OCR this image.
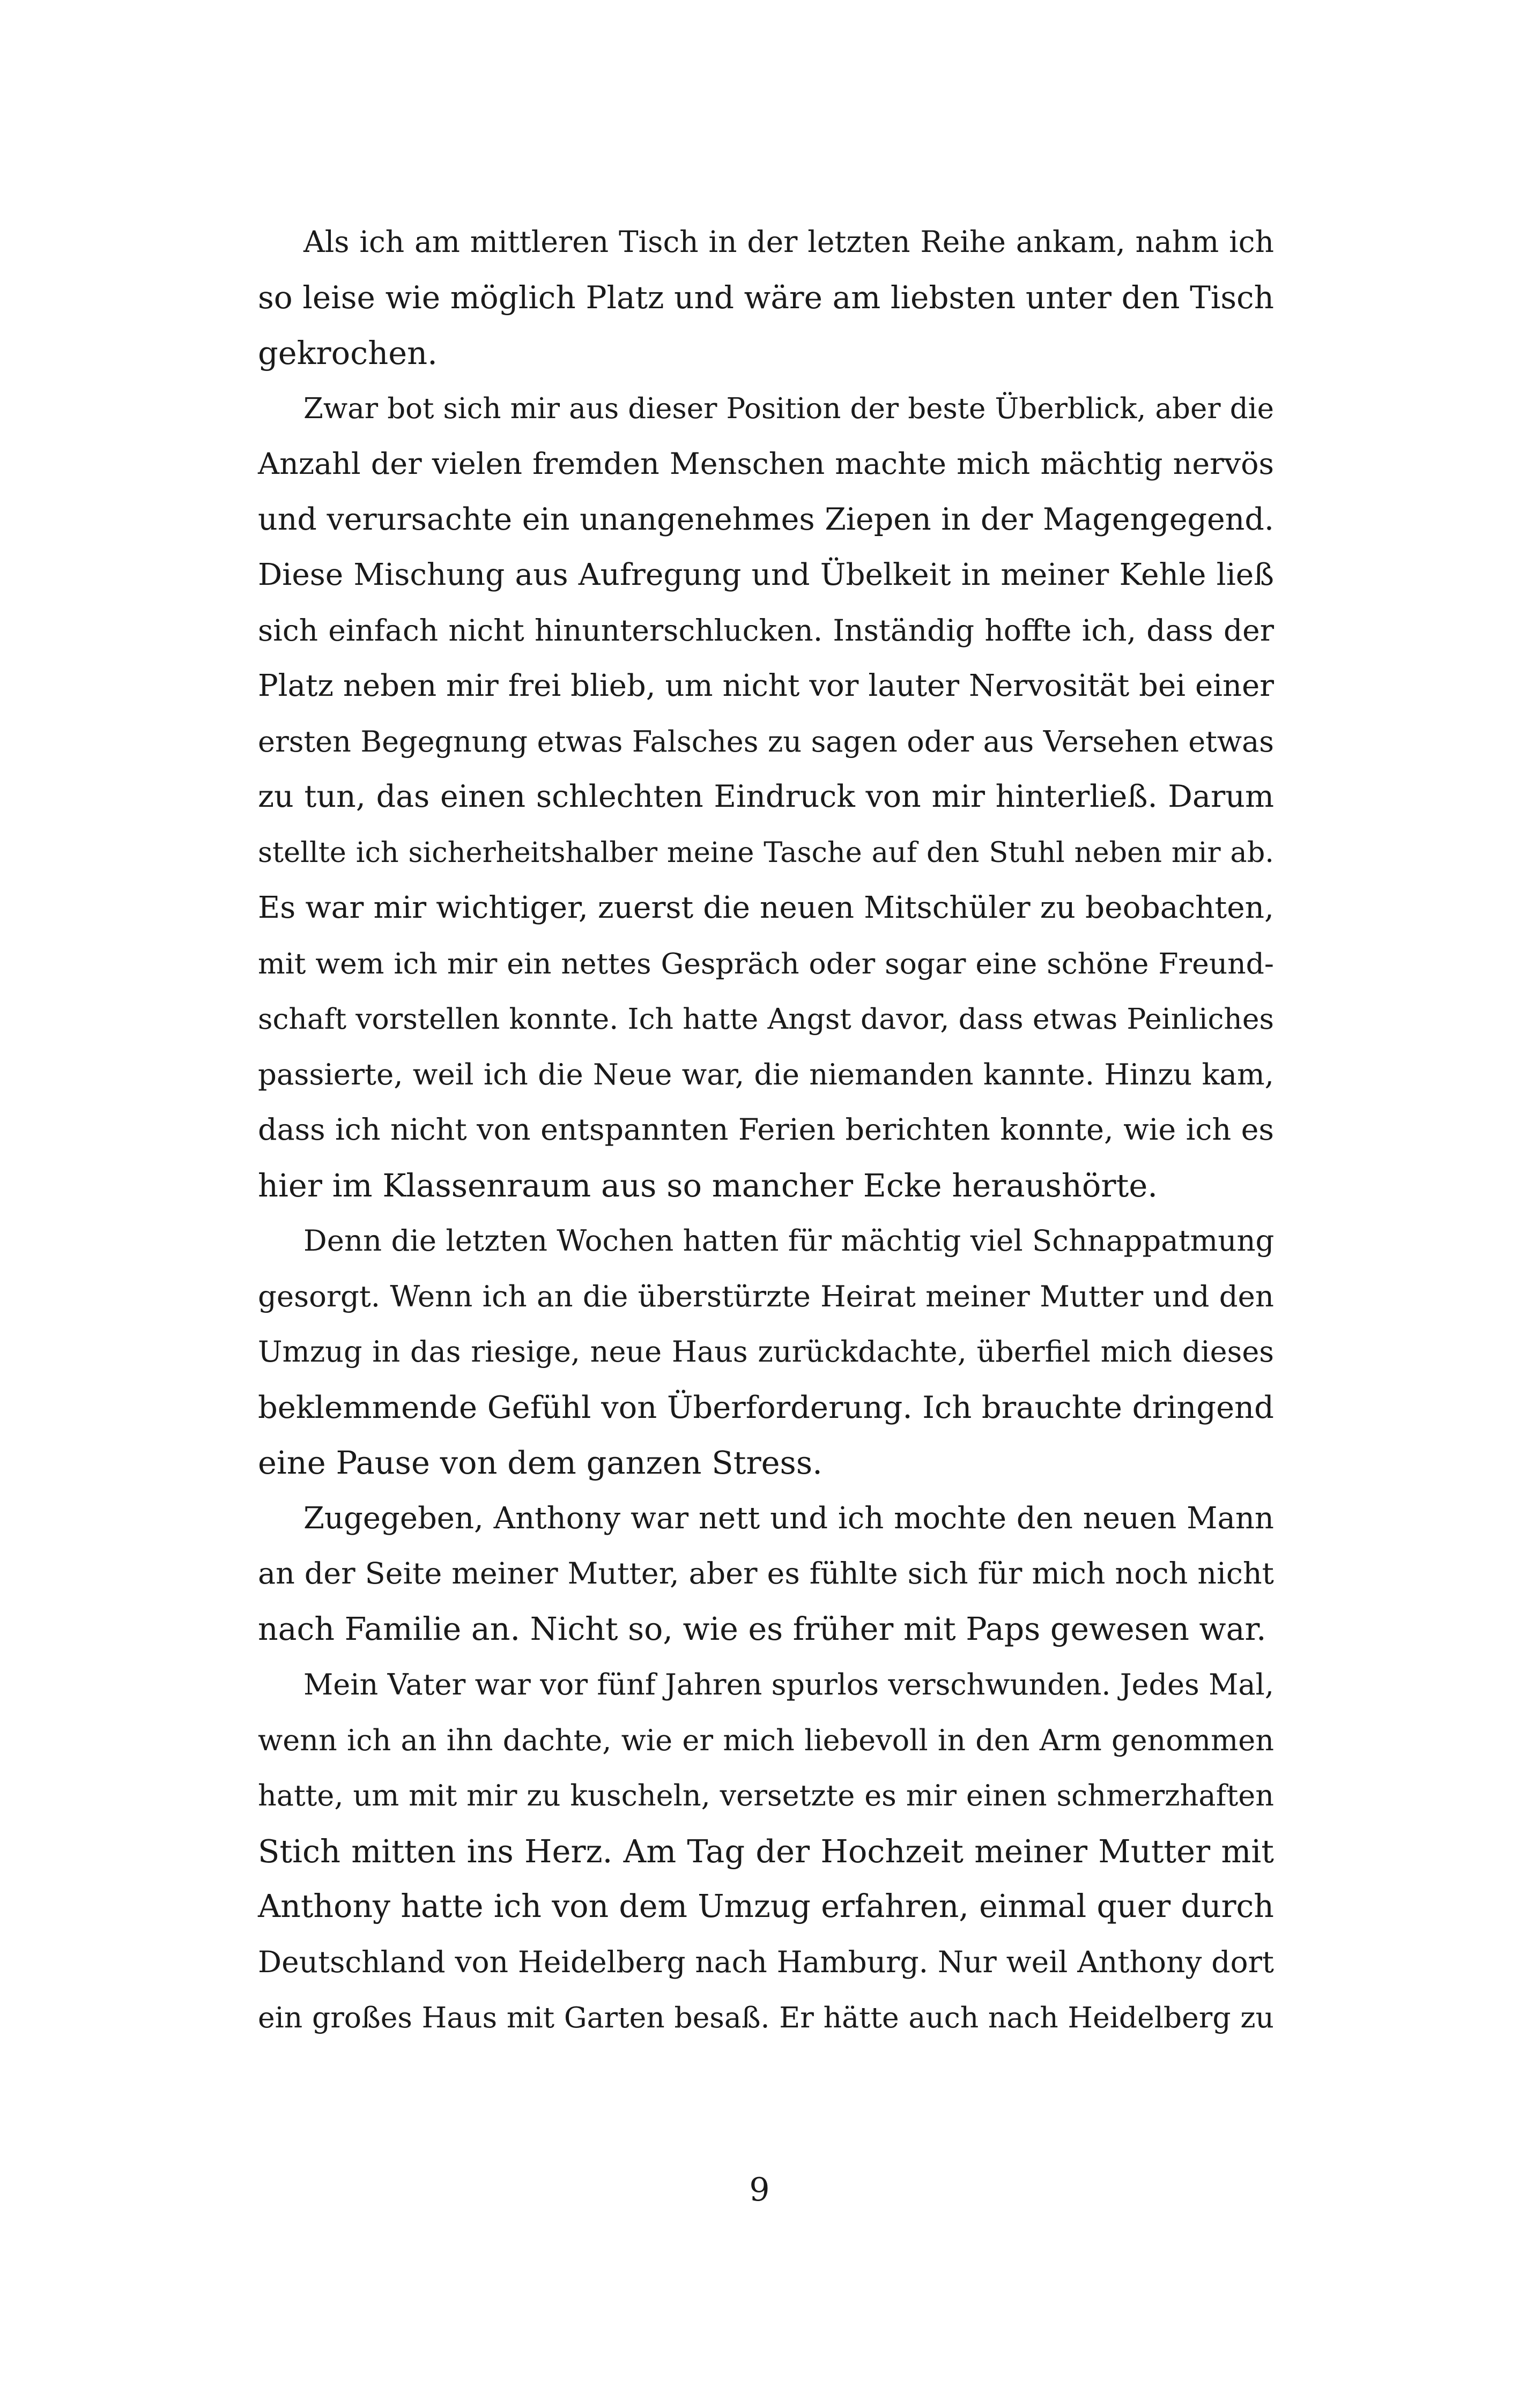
Als ich am mittleren Tisch in der letzten Reihe ankam, nahm ich
so leise wie möglich Platz und wäre am liebsten unter den Tisch
gekrochen.
Zwar bot sich mir aus dieser Position der beste Überblick, aber die
Anzahl der vielen fremden Menschen machte mich mächtig nervös
und verursachte ein unangenehmes Ziepen in der Magengegend.
Diese Mischung aus Aufregung und Übelkeit in meiner Kehle ließ
sich einfach nicht hinunterschlucken. Inständig hoffte ich, dass der
Platz neben mir frei blieb, um nicht vor lauter Nervosität bei einer
ersten Begegnung etwas Falsches zu sagen oder aus Versehen etwas
zu tun, das einen schlechten Eindruck von mir hinterließ. Darum
stellte ich sicherheitshalber meine Tasche auf den Stuhl neben mir ab.
Es war mir wichtiger, zuerst die neuen Mitschüler zu beobachten,
mit wem ich mir ein nettes Gespräch oder sogar eine schöne Freund-
schaft vorstellen konnte. Ich hatte Angst davor, dass etwas Peinliches
passierte, weil ich die Neue war, die niemanden kannte. Hinzu kam,
dass ich nicht von entspannten Ferien berichten konnte, wie ich es
hier im Klassenraum aus so mancher Ecke heraushörte.
Denn die letzten Wochen hatten für mächtig viel Schnappatmung
gesorgt. Wenn ich an die überstürzte Heirat meiner Mutter und den
Umzug in das riesige, neue Haus zurückdachte, überfiel mich dieses
beklemmende Gefühl von Überforderung. Ich brauchte dringend
eine Pause von dem ganzen Stress.
Zugegeben, Anthony war nett und ich mochte den neuen Mann
an der Seite meiner Mutter, aber es fühlte sich für mich noch nicht
nach Familie an. Nicht so, wie es früher mit Paps gewesen war.
Mein Vater war vor fünf Jahren spurlos verschwunden. Jedes Mal,
wenn ich an ihn dachte, wie er mich liebevoll in den Arm genommen
hatte, um mit mir zu kuscheln, versetzte es mir einen schmerzhaften
Stich mitten ins Herz. Am Tag der Hochzeit meiner Mutter mit
Anthony hatte ich von dem Umzug erfahren, einmal quer durch
Deutschland von Heidelberg nach Hamburg. Nur weil Anthony dort
ein großes Haus mit Garten besaß. Er hätte auch nach Heidelberg zu
9
